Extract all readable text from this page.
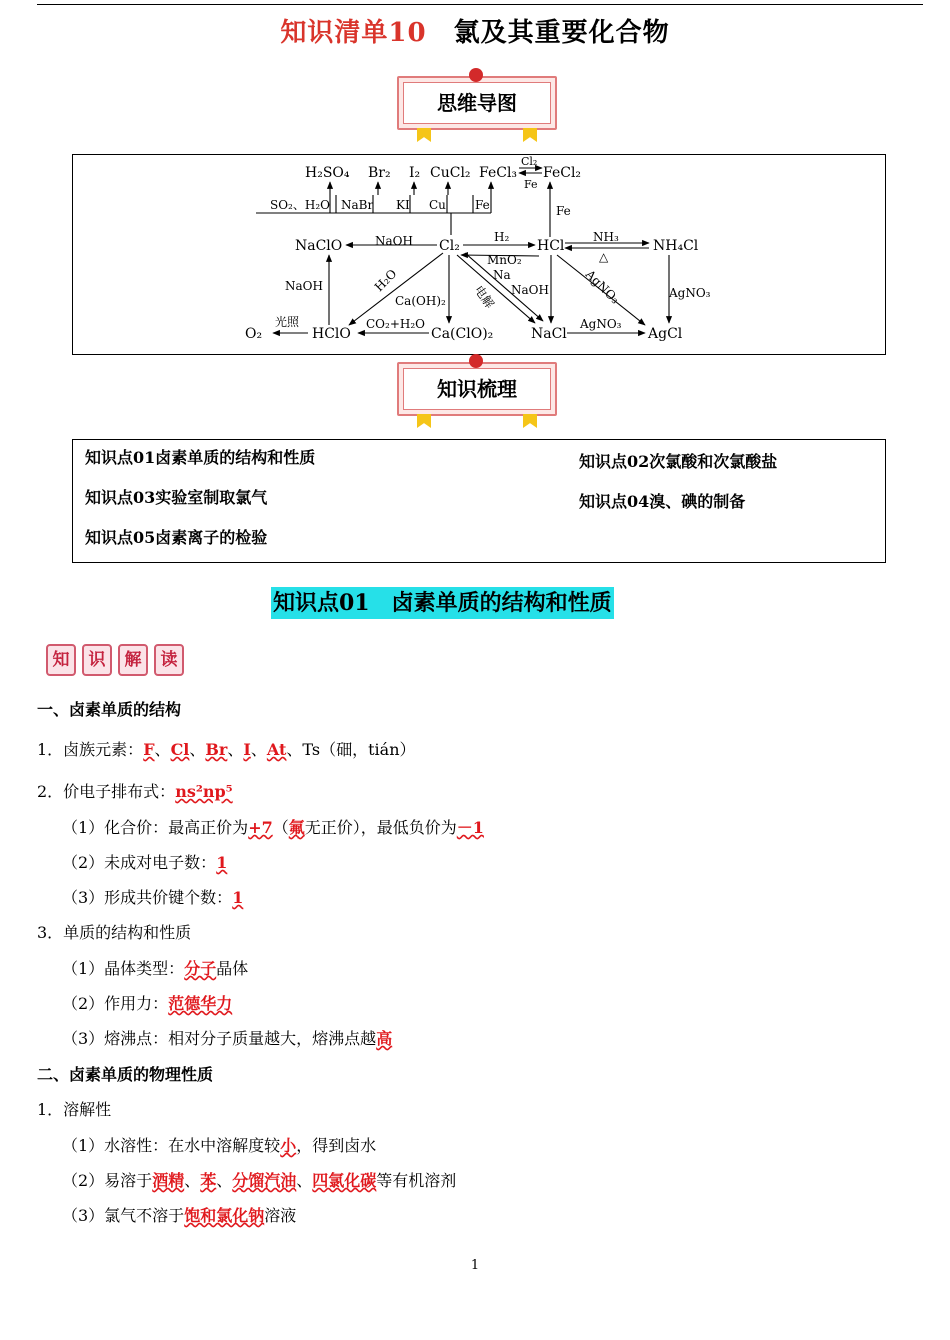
知识清单10　 氯及其重要化合物
思维导图
H₂SO₄ Br₂ I₂ CuCl₂ FeCl₃ FeCl₂
Cl₂
Fe
SO₂、H₂O NaBr KI Cu Fe	Fe
NaClO	NaOH Cl₂
H₂
HCl
NH₃
△
NH₄Cl
MnO₂
Na
NaOH	AgNO₃	AgNO₃
NaOH	H₂O
Ca(OH)₂ 电解
O₂
光照
HClO
CO₂+H₂O
Ca(ClO)₂	NaCl
AgNO₃
AgCl
知识梳理
知识点01卤素单质的结构和性质	知识点02次氯酸和次氯酸盐
知识点03实验室制取氯气	知识点04溴、碘的制备
知识点05卤素离子的检验
知识点01　卤素单质的结构和性质
知	识	解	读
一、卤素单质的结构
1．卤族元素：F、Cl、Br、I、At、Ts（鿬，tián）
2．价电子排布式：ns²np⁵
（1）化合价：最高正价为+7（氟无正价），最低负价为－1
（2）未成对电子数：1
（3）形成共价键个数：1
3．单质的结构和性质
（1）晶体类型：分子晶体
（2）作用力：范德华力
（3）熔沸点：相对分子质量越大，熔沸点越高
二、卤素单质的物理性质
1．溶解性
（1）水溶性：在水中溶解度较小，得到卤水
（2）易溶于酒精、苯、分馏汽油、四氯化碳等有机溶剂
（3）氯气不溶于饱和氯化钠溶液
1
